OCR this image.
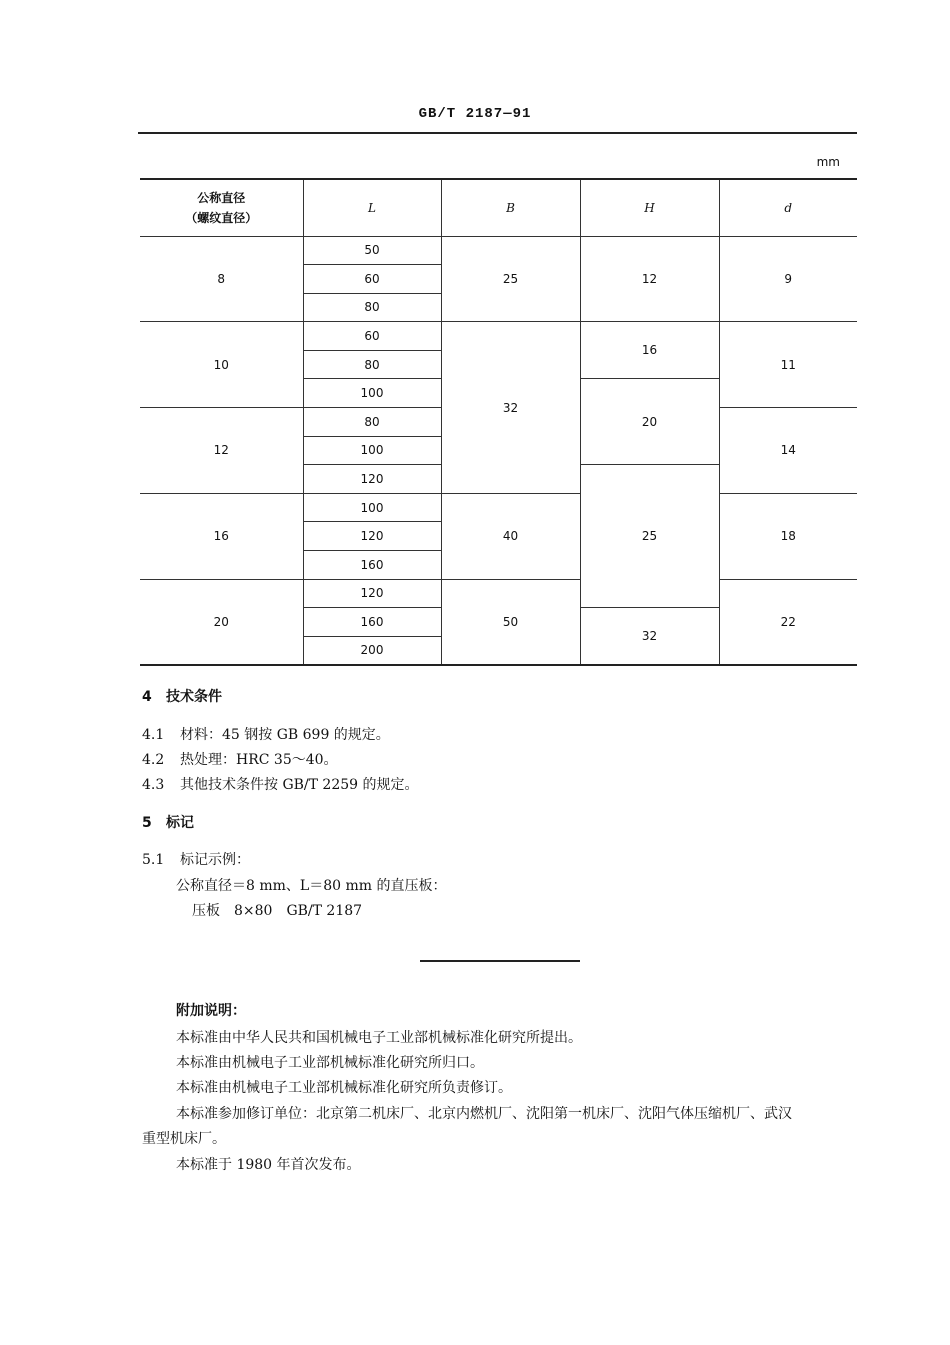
GB/T 2187—91
mm
公称直径
（螺纹直径）	L	B	H	d
8	50	25	12	9
	60			
	80			
10	60	32	16	11
	80			
	100		20	
12	80			14
	100			
	120		25	
16	100	40		18
	120			
	160			
20	120	50		22
	160		32	
	200			
4 技术条件
4.1 材料：45 钢按 GB 699 的规定。
4.2 热处理：HRC 35～40。
4.3 其他技术条件按 GB/T 2259 的规定。
5 标记
5.1 标记示例：
公称直径＝8 mm、L＝80 mm 的直压板：
压板　8×80　GB/T 2187
附加说明：
本标准由中华人民共和国机械电子工业部机械标准化研究所提出。
本标准由机械电子工业部机械标准化研究所归口。
本标准由机械电子工业部机械标准化研究所负责修订。
本标准参加修订单位：北京第二机床厂、北京内燃机厂、沈阳第一机床厂、沈阳气体压缩机厂、武汉
重型机床厂。
本标准于 1980 年首次发布。
